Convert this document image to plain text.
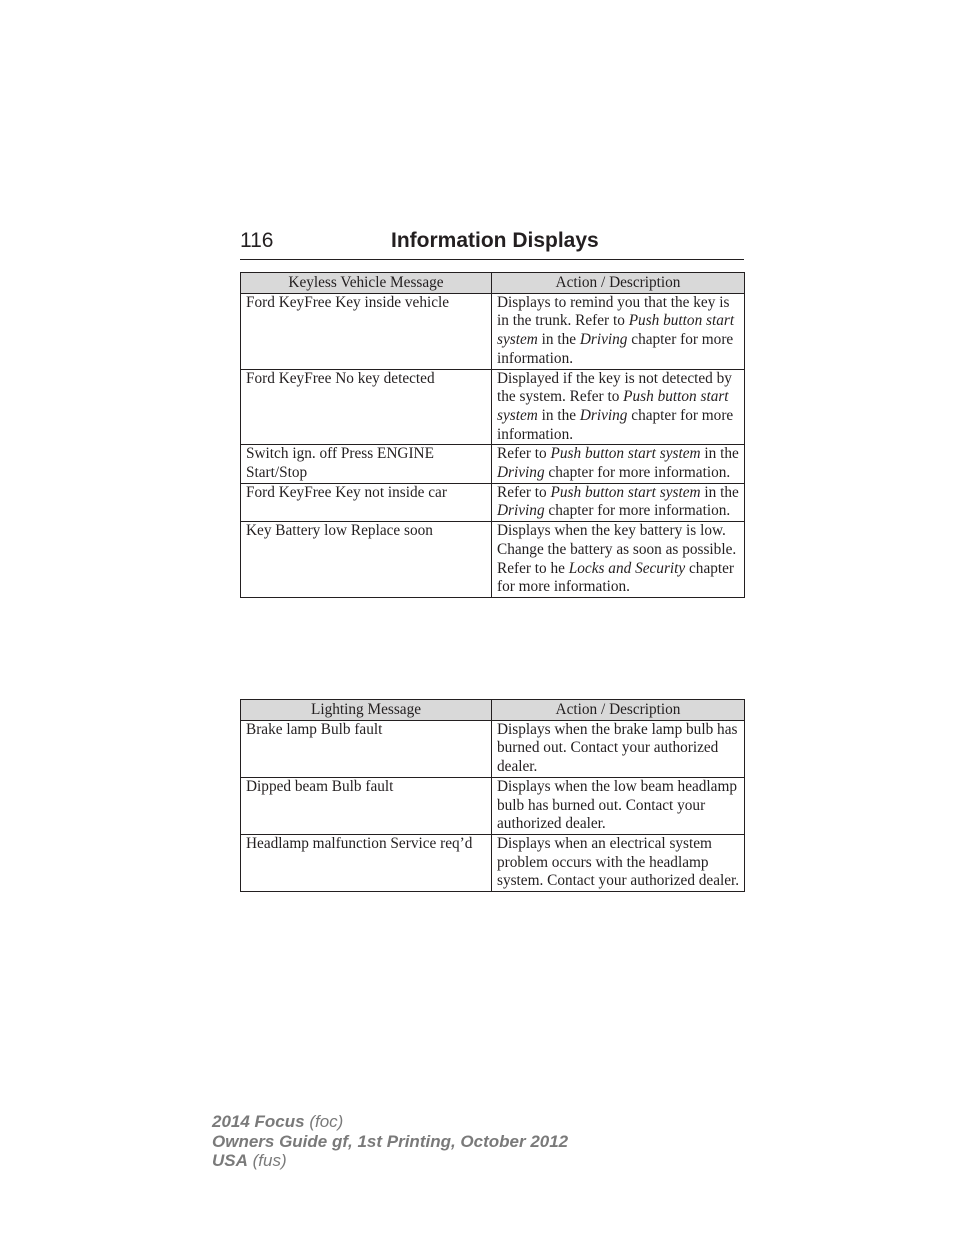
116	Information Displays
Keyless Vehicle Message	Action / Description
Ford KeyFree Key inside vehicle	Displays to remind you that the key is in the trunk. Refer to Push button start system in the Driving chapter for more information.
Ford KeyFree No key detected	Displayed if the key is not detected by the system. Refer to Push button start system in the Driving chapter for more information.
Switch ign. off Press ENGINE Start/Stop	Refer to Push button start system in the Driving chapter for more information.
Ford KeyFree Key not inside car	Refer to Push button start system in the Driving chapter for more information.
Key Battery low Replace soon	Displays when the key battery is low. Change the battery as soon as possible. Refer to he Locks and Security chapter for more information.
Lighting Message	Action / Description
Brake lamp Bulb fault	Displays when the brake lamp bulb has burned out. Contact your authorized dealer.
Dipped beam Bulb fault	Displays when the low beam headlamp bulb has burned out. Contact your authorized dealer.
Headlamp malfunction Service req’d	Displays when an electrical system problem occurs with the headlamp system. Contact your authorized dealer.
2014 Focus (foc)
Owners Guide gf, 1st Printing, October 2012
USA (fus)
